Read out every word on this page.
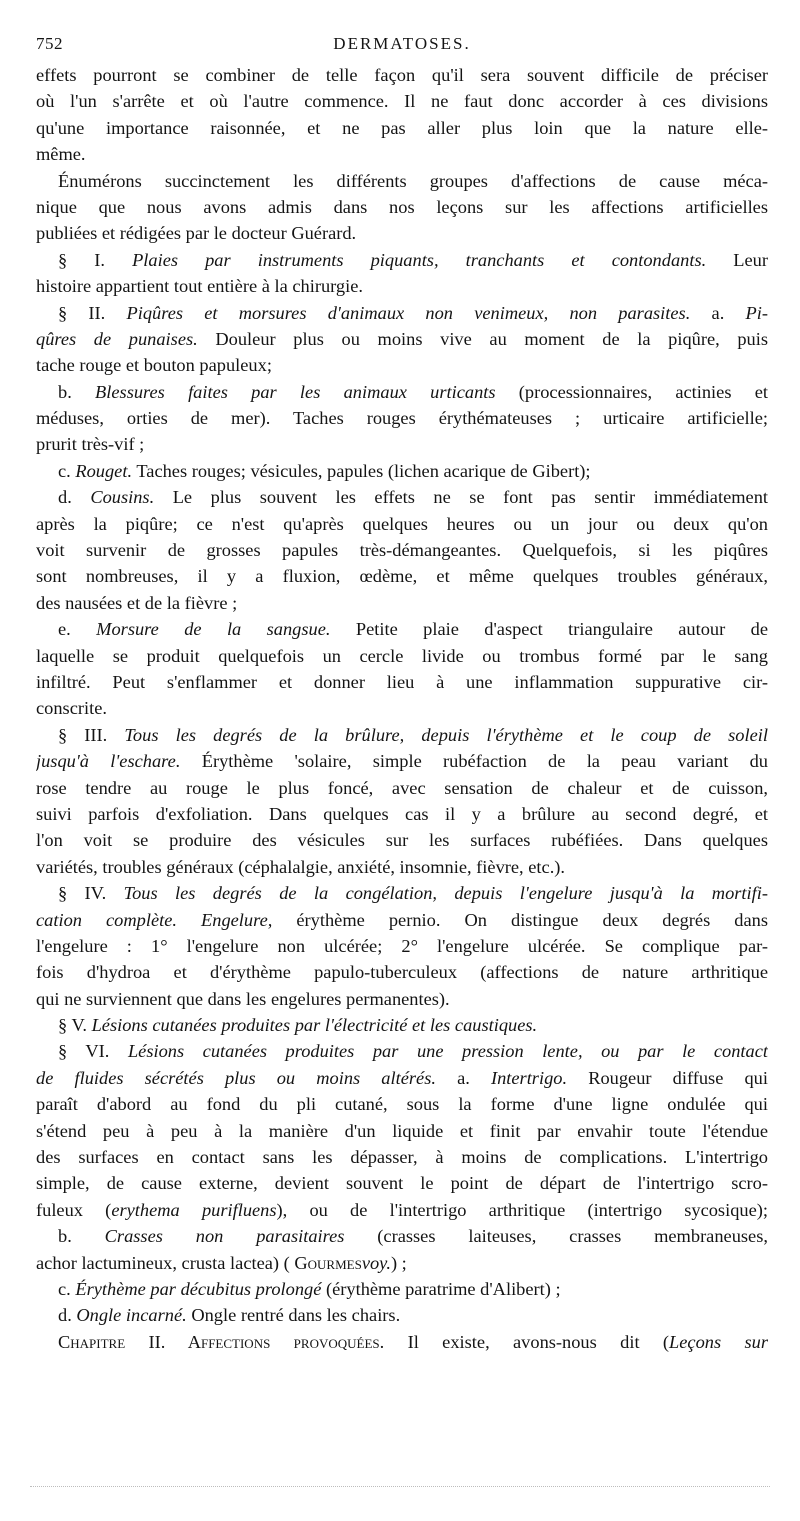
752	DERMATOSES.
effets pourront se combiner de telle façon qu'il sera souvent difficile de préciser
où l'un s'arrête et où l'autre commence. Il ne faut donc accorder à ces divisions
qu'une importance raisonnée, et ne pas aller plus loin que la nature elle-
même.
Énumérons succinctement les différents groupes d'affections de cause méca-
nique que nous avons admis dans nos leçons sur les affections artificielles
publiées et rédigées par le docteur Guérard.
§ I. Plaies par instruments piquants, tranchants et contondants. Leur
histoire appartient tout entière à la chirurgie.
§ II. Piqûres et morsures d'animaux non venimeux, non parasites. a. Pi-
qûres de punaises. Douleur plus ou moins vive au moment de la piqûre, puis
tache rouge et bouton papuleux;
b. Blessures faites par les animaux urticants (processionnaires, actinies et
méduses, orties de mer). Taches rouges érythémateuses ; urticaire artificielle;
prurit très-vif ;
c. Rouget. Taches rouges; vésicules, papules (lichen acarique de Gibert);
d. Cousins. Le plus souvent les effets ne se font pas sentir immédiatement
après la piqûre; ce n'est qu'après quelques heures ou un jour ou deux qu'on
voit survenir de grosses papules très-démangeantes. Quelquefois, si les piqûres
sont nombreuses, il y a fluxion, œdème, et même quelques troubles généraux,
des nausées et de la fièvre ;
e. Morsure de la sangsue. Petite plaie d'aspect triangulaire autour de
laquelle se produit quelquefois un cercle livide ou trombus formé par le sang
infiltré. Peut s'enflammer et donner lieu à une inflammation suppurative cir-
conscrite.
§ III. Tous les degrés de la brûlure, depuis l'érythème et le coup de soleil
jusqu'à l'eschare. Érythème 'solaire, simple rubéfaction de la peau variant du
rose tendre au rouge le plus foncé, avec sensation de chaleur et de cuisson,
suivi parfois d'exfoliation. Dans quelques cas il y a brûlure au second degré, et
l'on voit se produire des vésicules sur les surfaces rubéfiées. Dans quelques
variétés, troubles généraux (céphalalgie, anxiété, insomnie, fièvre, etc.).
§ IV. Tous les degrés de la congélation, depuis l'engelure jusqu'à la mortifi-
cation complète. Engelure, érythème pernio. On distingue deux degrés dans
l'engelure : 1° l'engelure non ulcérée; 2° l'engelure ulcérée. Se complique par-
fois d'hydroa et d'érythème papulo-tuberculeux (affections de nature arthritique
qui ne surviennent que dans les engelures permanentes).
§ V. Lésions cutanées produites par l'électricité et les caustiques.
§ VI. Lésions cutanées produites par une pression lente, ou par le contact
de fluides sécrétés plus ou moins altérés. a. Intertrigo. Rougeur diffuse qui
paraît d'abord au fond du pli cutané, sous la forme d'une ligne ondulée qui
s'étend peu à peu à la manière d'un liquide et finit par envahir toute l'étendue
des surfaces en contact sans les dépasser, à moins de complications. L'intertrigo
simple, de cause externe, devient souvent le point de départ de l'intertrigo scro-
fuleux (erythema purifluens), ou de l'intertrigo arthritique (intertrigo sycosique);
b. Crasses non parasitaires (crasses laiteuses, crasses membraneuses,
achor lactumineux, crusta lactea) ( Gourmesvoy.) ;
c. Érythème par décubitus prolongé (érythème paratrime d'Alibert) ;
d. Ongle incarné. Ongle rentré dans les chairs.
Chapitre II. Affections provoquées. Il existe, avons-nous dit (Leçons sur
